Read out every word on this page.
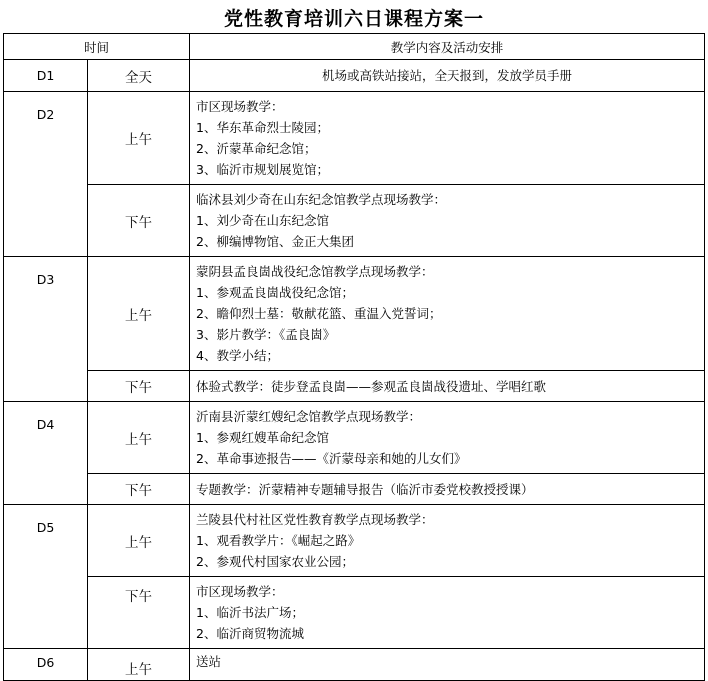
党性教育培训六日课程方案一
时间		教学内容及活动安排
D1	全天	机场或高铁站接站，全天报到，发放学员手册
D2	上午	市区现场教学：
1、华东革命烈士陵园；
2、沂蒙革命纪念馆；
3、临沂市规划展览馆；

	下午	临沭县刘少奇在山东纪念馆教学点现场教学：
1、刘少奇在山东纪念馆
2、柳编博物馆、金正大集团

D3	上午	蒙阴县孟良崮战役纪念馆教学点现场教学：
1、参观孟良崮战役纪念馆；
2、瞻仰烈士墓：敬献花篮、重温入党誓词；
3、影片教学：《孟良崮》
4、教学小结；

	下午	体验式教学：徒步登孟良崮——参观孟良崮战役遗址、学唱红歌

D4	上午	沂南县沂蒙红嫂纪念馆教学点现场教学：
1、参观红嫂革命纪念馆
2、革命事迹报告——《沂蒙母亲和她的儿女们》

	下午	专题教学：沂蒙精神专题辅导报告（临沂市委党校教授授课）

D5	上午	兰陵县代村社区党性教育教学点现场教学：
1、观看教学片：《崛起之路》
2、参观代村国家农业公园；

	下午	市区现场教学：
1、临沂书法广场；
2、临沂商贸物流城

D6	上午	送站
